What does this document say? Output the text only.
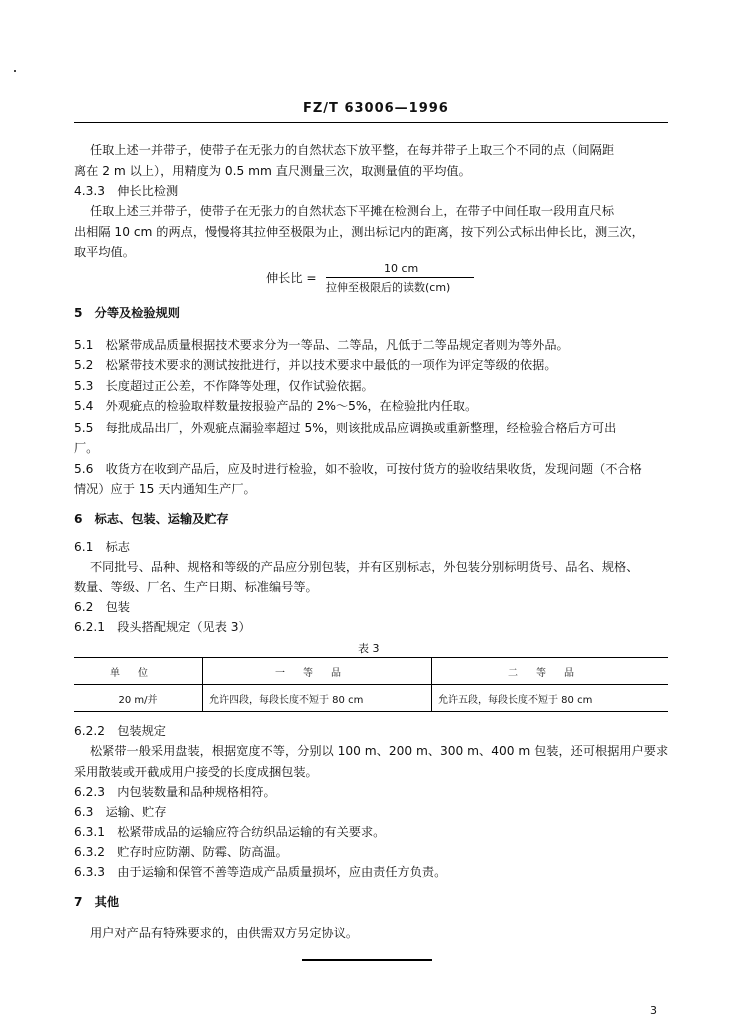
FZ/T 63006—1996
任取上述一并带子，使带子在无张力的自然状态下放平整，在每并带子上取三个不同的点（间隔距
离在 2 m 以上），用精度为 0.5 mm 直尺测量三次，取测量值的平均值。
4.3.3　伸长比检测
任取上述三并带子，使带子在无张力的自然状态下平摊在检测台上，在带子中间任取一段用直尺标
出相隔 10 cm 的两点，慢慢将其拉伸至极限为止，测出标记内的距离，按下列公式标出伸长比，测三次，
取平均值。
伸长比 =
10 cm
拉伸至极限后的读数(cm)
5　分等及检验规则
5.1　松紧带成品质量根据技术要求分为一等品、二等品，凡低于二等品规定者则为等外品。
5.2　松紧带技术要求的测试按批进行，并以技术要求中最低的一项作为评定等级的依据。
5.3　长度超过正公差，不作降等处理，仅作试验依据。
5.4　外观疵点的检验取样数量按报验产品的 2%～5%，在检验批内任取。
5.5　每批成品出厂，外观疵点漏验率超过 5%，则该批成品应调换或重新整理，经检验合格后方可出
厂。
5.6　收货方在收到产品后，应及时进行检验，如不验收，可按付货方的验收结果收货，发现问题（不合格
情况）应于 15 天内通知生产厂。
6　标志、包装、运输及贮存
6.1　标志
不同批号、品种、规格和等级的产品应分别包装，并有区别标志，外包装分别标明货号、品名、规格、
数量、等级、厂名、生产日期、标准编号等。
6.2　包装
6.2.1　段头搭配规定（见表 3）
表 3
单位	一等品	二等品
20 m/并	允许四段，每段长度不短于 80 cm	允许五段，每段长度不短于 80 cm
6.2.2　包装规定
松紧带一般采用盘装，根据宽度不等，分别以 100 m、200 m、300 m、400 m 包装，还可根据用户要求
采用散装或开截成用户接受的长度成捆包装。
6.2.3　内包装数量和品种规格相符。
6.3　运输、贮存
6.3.1　松紧带成品的运输应符合纺织品运输的有关要求。
6.3.2　贮存时应防潮、防霉、防高温。
6.3.3　由于运输和保管不善等造成产品质量损坏，应由责任方负责。
7　其他
用户对产品有特殊要求的，由供需双方另定协议。
3
